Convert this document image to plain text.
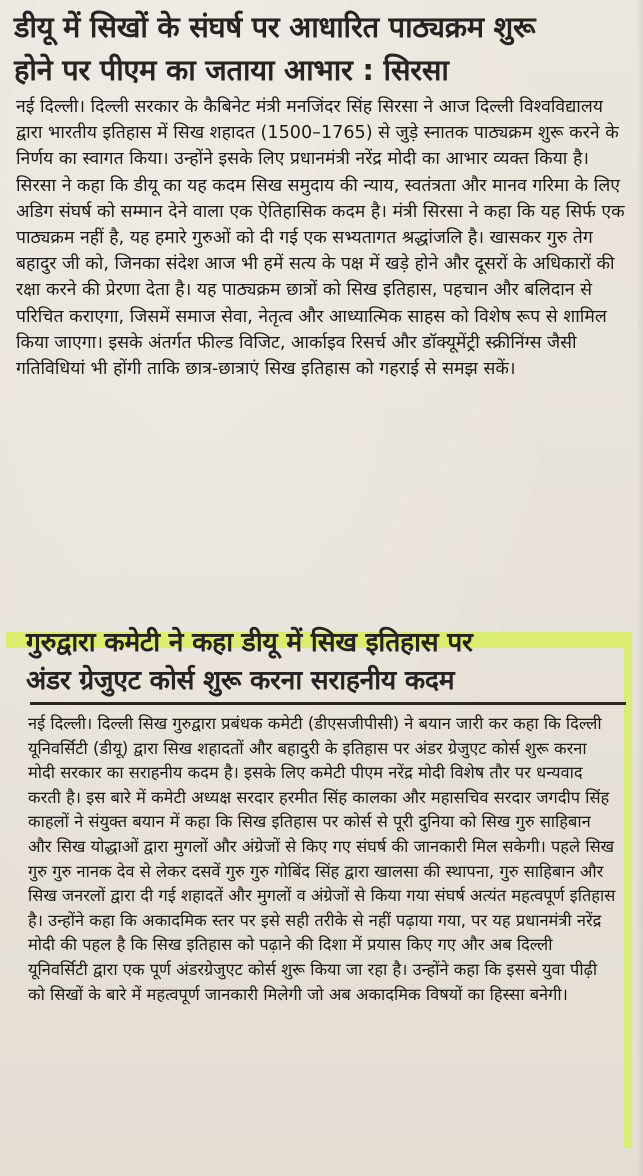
डीयू में सिखों के संघर्ष पर आधारित पाठ्यक्रम शुरू
होने पर पीएम का जताया आभार : सिरसा

नई दिल्ली। दिल्ली सरकार के कैबिनेट मंत्री मनजिंदर सिंह सिरसा ने आज दिल्ली विश्वविद्यालय द्वारा भारतीय इतिहास में सिख शहादत (1500–1765) से जुड़े स्नातक पाठ्यक्रम शुरू करने के निर्णय का स्वागत किया। उन्होंने इसके लिए प्रधानमंत्री नरेंद्र मोदी का आभार व्यक्त किया है। सिरसा ने कहा कि डीयू का यह कदम सिख समुदाय की न्याय, स्वतंत्रता और मानव गरिमा के लिए अडिग संघर्ष को सम्मान देने वाला एक ऐतिहासिक कदम है। मंत्री सिरसा ने कहा कि यह सिर्फ एक पाठ्यक्रम नहीं है, यह हमारे गुरुओं को दी गई एक सभ्यतागत श्रद्धांजलि है। खासकर गुरु तेग बहादुर जी को, जिनका संदेश आज भी हमें सत्य के पक्ष में खड़े होने और दूसरों के अधिकारों की रक्षा करने की प्रेरणा देता है। यह पाठ्यक्रम छात्रों को सिख इतिहास, पहचान और बलिदान से परिचित कराएगा, जिसमें समाज सेवा, नेतृत्व और आध्यात्मिक साहस को विशेष रूप से शामिल किया जाएगा। इसके अंतर्गत फील्ड विजिट, आर्काइव रिसर्च और डॉक्यूमेंट्री स्क्रीनिंग्स जैसी गतिविधियां भी होंगी ताकि छात्र-छात्राएं सिख इतिहास को गहराई से समझ सकें।

गुरुद्वारा कमेटी ने कहा डीयू में सिख इतिहास पर
अंडर ग्रेजुएट कोर्स शुरू करना सराहनीय कदम

नई दिल्ली। दिल्ली सिख गुरुद्वारा प्रबंधक कमेटी (डीएसजीपीसी) ने बयान जारी कर कहा कि दिल्ली यूनिवर्सिटी (डीयू) द्वारा सिख शहादतों और बहादुरी के इतिहास पर अंडर ग्रेजुएट कोर्स शुरू करना मोदी सरकार का सराहनीय कदम है। इसके लिए कमेटी पीएम नरेंद्र मोदी विशेष तौर पर धन्यवाद करती है। इस बारे में कमेटी अध्यक्ष सरदार हरमीत सिंह कालका और महासचिव सरदार जगदीप सिंह काहलों ने संयुक्त बयान में कहा कि सिख इतिहास पर कोर्स से पूरी दुनिया को सिख गुरु साहिबान और सिख योद्धाओं द्वारा मुगलों और अंग्रेजों से किए गए संघर्ष की जानकारी मिल सकेगी। पहले सिख गुरु गुरु नानक देव से लेकर दसवें गुरु गुरु गोबिंद सिंह द्वारा खालसा की स्थापना, गुरु साहिबान और सिख जनरलों द्वारा दी गई शहादतें और मुगलों व अंग्रेजों से किया गया संघर्ष अत्यंत महत्वपूर्ण इतिहास है। उन्होंने कहा कि अकादमिक स्तर पर इसे सही तरीके से नहीं पढ़ाया गया, पर यह प्रधानमंत्री नरेंद्र मोदी की पहल है कि सिख इतिहास को पढ़ाने की दिशा में प्रयास किए गए और अब दिल्ली यूनिवर्सिटी द्वारा एक पूर्ण अंडरग्रेजुएट कोर्स शुरू किया जा रहा है। उन्होंने कहा कि इससे युवा पीढ़ी को सिखों के बारे में महत्वपूर्ण जानकारी मिलेगी जो अब अकादमिक विषयों का हिस्सा बनेगी।
